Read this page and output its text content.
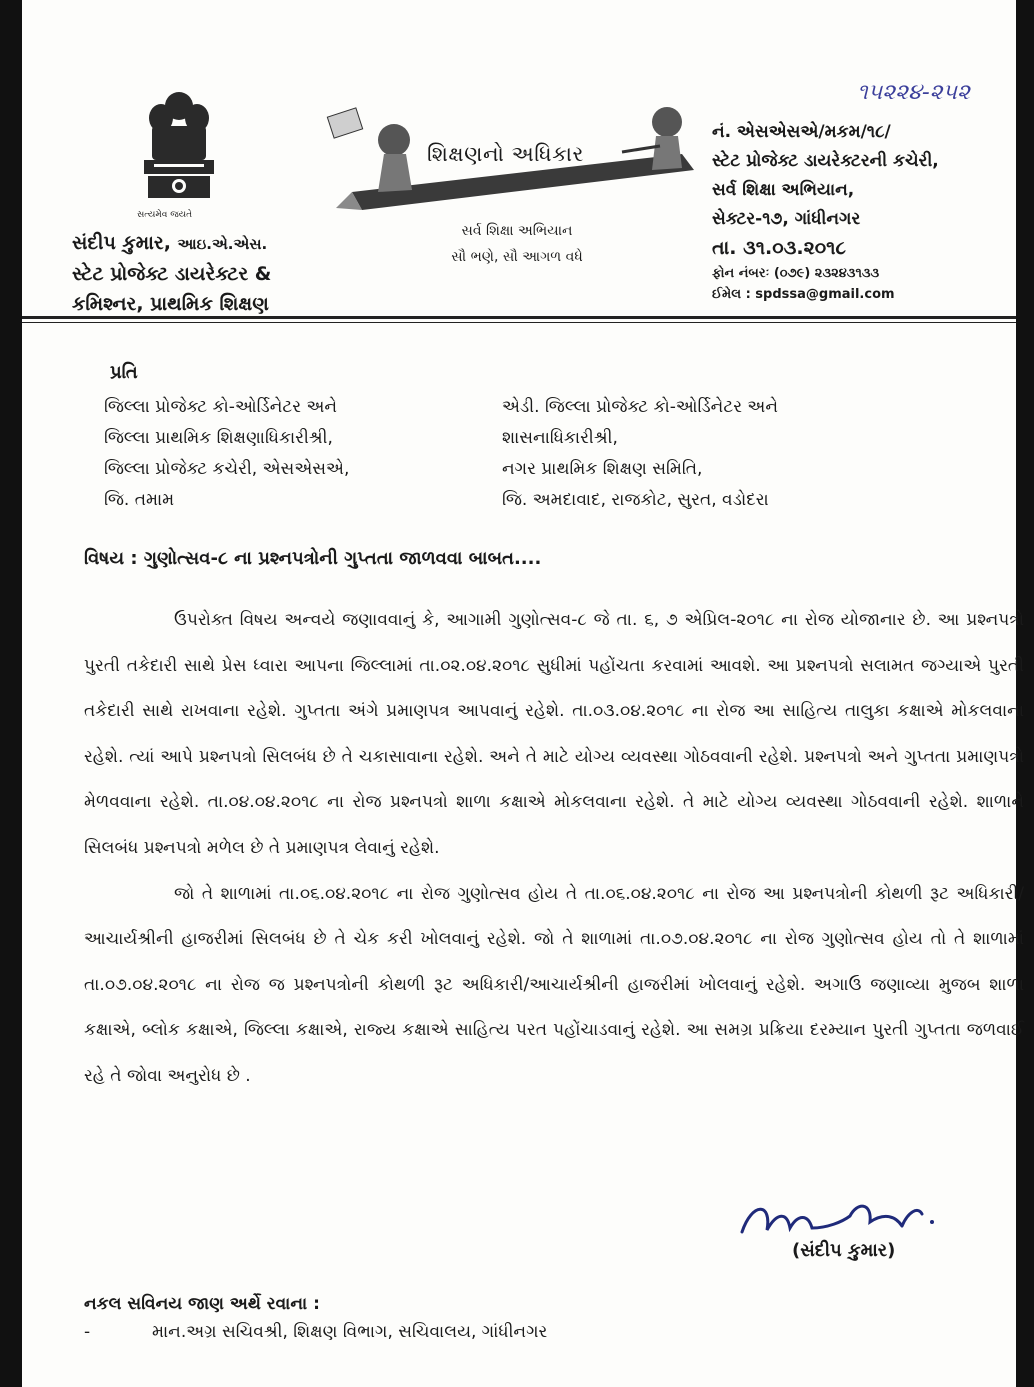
સત્યમેવ જયતે
સંદીપ કુમાર, આઇ.એ.એસ.
સ્ટેટ પ્રોજેક્ટ ડાયરેક્ટર &
કમિશ્નર, પ્રાથમિક શિક્ષણ
શિક્ષણનો અધિકાર
સર્વ શિક્ષા અભિયાન
સૌ ભણે, સૌ આગળ વધે
૧૫૨૨૪-૨૫૨
નં. એસએસએ/મકમ/૧૮/
સ્ટેટ પ્રોજેક્ટ ડાયરેક્ટરની કચેરી,
સર્વ શિક્ષા અભિયાન,
સેક્ટર-૧૭, ગાંધીનગર
તા. ૩૧.૦૩.૨૦૧૮
ફોન નંબરઃ (૦૭૯) ૨૩૨૪૩૧૩૩
ઈમેલ : spdssa@gmail.com
પ્રતિ
જિલ્લા પ્રોજેક્ટ કો-ઓર્ડિનેટર અને
જિલ્લા પ્રાથમિક શિક્ષણાધિકારીશ્રી,
જિલ્લા પ્રોજેક્ટ કચેરી, એસએસએ,
જિ. તમામ
એડી. જિલ્લા પ્રોજેક્ટ કો-ઓર્ડિનેટર અને
શાસનાધિકારીશ્રી,
નગર પ્રાથમિક શિક્ષણ સમિતિ,
જિ. અમદાવાદ, રાજકોટ, સુરત, વડોદરા
વિષય : ગુણોત્સવ-૮ ના પ્રશ્નપત્રોની ગુપ્તતા જાળવવા બાબત....

ઉપરોક્ત વિષય અન્વયે જણાવવાનું કે, આગામી ગુણોત્સવ-૮ જે તા. ૬, ૭ એપ્રિલ-૨૦૧૮ ના રોજ યોજાનાર છે. આ પ્રશ્નપત્રો પુરતી તકેદારી સાથે પ્રેસ ધ્વારા આપના જિલ્લામાં તા.૦૨.૦૪.૨૦૧૮ સુધીમાં પહોંચતા કરવામાં આવશે. આ પ્રશ્નપત્રો સલામત જગ્યાએ પુરતી તકેદારી સાથે રાખવાના રહેશે. ગુપ્તતા અંગે પ્રમાણપત્ર આપવાનું રહેશે. તા.૦૩.૦૪.૨૦૧૮ ના રોજ આ સાહિત્ય તાલુકા કક્ષાએ મોકલવાના રહેશે. ત્યાં આપે પ્રશ્નપત્રો સિલબંધ છે તે ચકાસાવાના રહેશે. અને તે માટે યોગ્ય વ્યવસ્થા ગોઠવવાની રહેશે. પ્રશ્નપત્રો અને ગુપ્તતા પ્રમાણપત્રો મેળવવાના રહેશે. તા.૦૪.૦૪.૨૦૧૮ ના રોજ પ્રશ્નપત્રો શાળા કક્ષાએ મોકલવાના રહેશે. તે માટે યોગ્ય વ્યવસ્થા ગોઠવવાની રહેશે. શાળાને સિલબંધ પ્રશ્નપત્રો મળેલ છે તે પ્રમાણપત્ર લેવાનું રહેશે.

જો તે શાળામાં તા.૦૬.૦૪.૨૦૧૮ ના રોજ ગુણોત્સવ હોય તે તા.૦૬.૦૪.૨૦૧૮ ના રોજ આ પ્રશ્નપત્રોની કોથળી રૂટ અધિકારી/આચાર્યશ્રીની હાજરીમાં સિલબંધ છે તે ચેક કરી ખોલવાનું રહેશે. જો તે શાળામાં તા.૦૭.૦૪.૨૦૧૮ ના રોજ ગુણોત્સવ હોય તો તે શાળામાં તા.૦૭.૦૪.૨૦૧૮ ના રોજ જ પ્રશ્નપત્રોની કોથળી રૂટ અધિકારી/આચાર્યશ્રીની હાજરીમાં ખોલવાનું રહેશે. અગાઉ જણાવ્યા મુજબ શાળા કક્ષાએ, બ્લોક કક્ષાએ, જિલ્લા કક્ષાએ, રાજ્ય કક્ષાએ સાહિત્ય પરત પહોંચાડવાનું રહેશે. આ સમગ્ર પ્રક્રિયા દરમ્યાન પુરતી ગુપ્તતા જળવાઈ રહે તે જોવા અનુરોધ છે .

(સંદીપ કુમાર)
નકલ સવિનય જાણ અર્થે રવાના :
-	માન.અગ્ર સચિવશ્રી, શિક્ષણ વિભાગ, સચિવાલય, ગાંધીનગર
